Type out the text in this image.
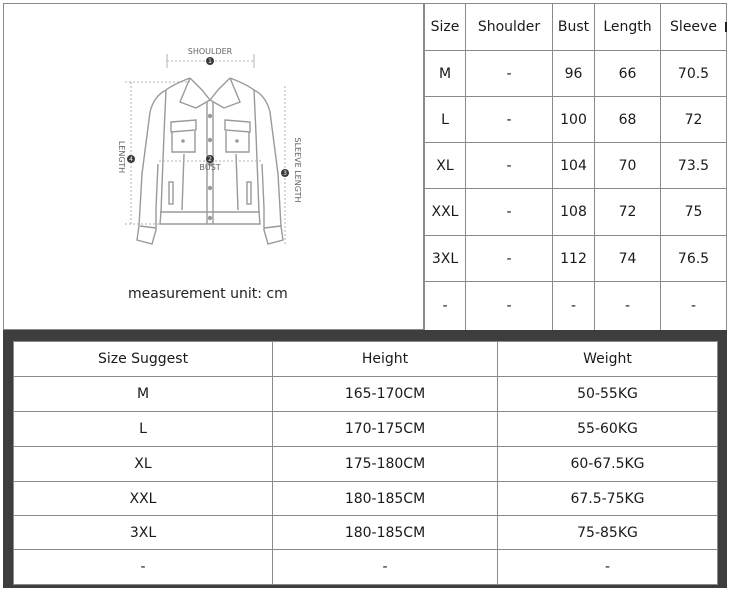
1
2
4
3
SHOULDER
BUST
LENGTH	SLEEVE LENGTH
measurement unit: cm
Size	Shoulder	Bust	Length	Sleeve
M	-	96	66	70.5
L	-	100	68	72
XL	-	104	70	73.5
XXL	-	108	72	75
3XL	-	112	74	76.5
-	-	-	-	-
Size Suggest	Height	Weight
M	165-170CM	50-55KG
L	170-175CM	55-60KG
XL	175-180CM	60-67.5KG
XXL	180-185CM	67.5-75KG
3XL	180-185CM	75-85KG
-	-	-
